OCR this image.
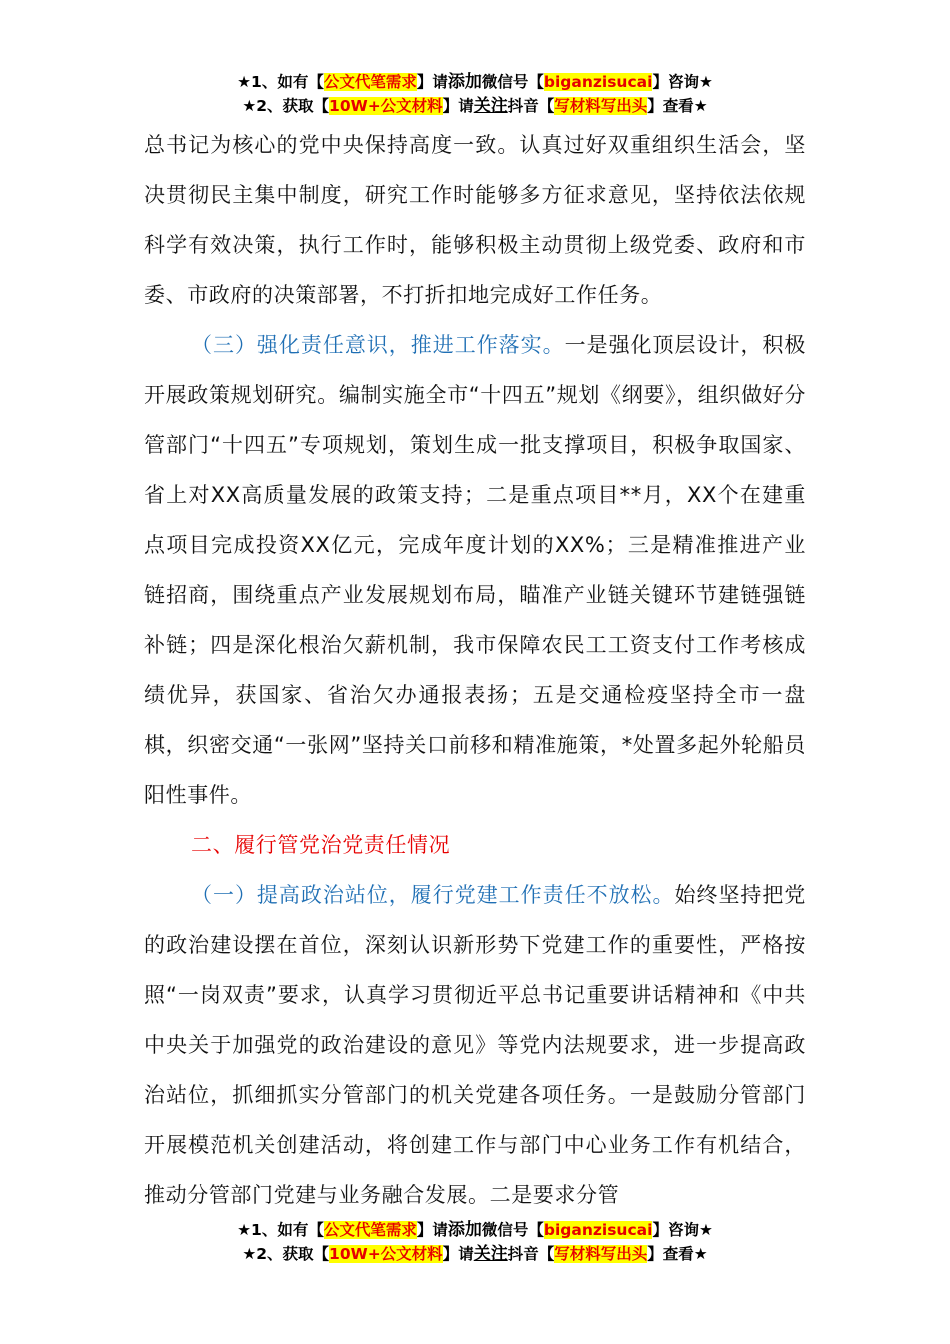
★1、如有【公文代笔需求】请添加微信号【biganzisucai】咨询★
★2、获取【10W+公文材料】请关注抖音【写材料写出头】查看★

总书记为核心的党中央保持高度一致。认真过好双重组织生活会，坚决贯彻民主集中制度，研究工作时能够多方征求意见，坚持依法依规科学有效决策，执行工作时，能够积极主动贯彻上级党委、政府和市委、市政府的决策部署，不打折扣地完成好工作任务。

（三）强化责任意识，推进工作落实。一是强化顶层设计，积极开展政策规划研究。编制实施全市“十四五”规划《纲要》，组织做好分管部门“十四五”专项规划，策划生成一批支撑项目，积极争取国家、省上对XX高质量发展的政策支持；二是重点项目**月，XX个在建重点项目完成投资XX亿元，完成年度计划的XX%；三是精准推进产业链招商，围绕重点产业发展规划布局，瞄准产业链关键环节建链强链补链；四是深化根治欠薪机制，我市保障农民工工资支付工作考核成绩优异，获国家、省治欠办通报表扬；五是交通检疫坚持全市一盘棋，织密交通“一张网”坚持关口前移和精准施策，*处置多起外轮船员阳性事件。

二、履行管党治党责任情况

（一）提高政治站位，履行党建工作责任不放松。始终坚持把党的政治建设摆在首位，深刻认识新形势下党建工作的重要性，严格按照“一岗双责”要求，认真学习贯彻近平总书记重要讲话精神和《中共中央关于加强党的政治建设的意见》等党内法规要求，进一步提高政治站位，抓细抓实分管部门的机关党建各项任务。一是鼓励分管部门开展模范机关创建活动，将创建工作与部门中心业务工作有机结合，推动分管部门党建与业务融合发展。二是要求分管

★1、如有【公文代笔需求】请添加微信号【biganzisucai】咨询★
★2、获取【10W+公文材料】请关注抖音【写材料写出头】查看★
